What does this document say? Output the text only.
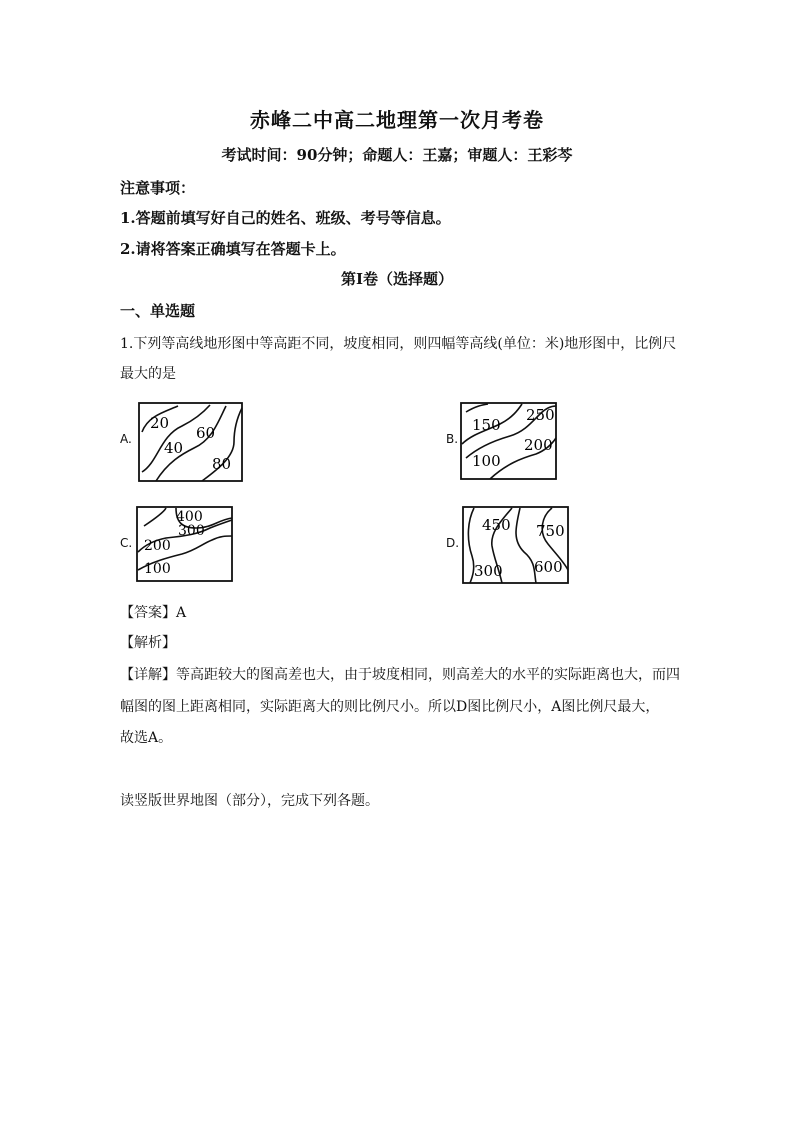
赤峰二中高二地理第一次月考卷
考试时间：90分钟；命题人：王嘉；审题人：王彩芩
注意事项：
1.答题前填写好自己的姓名、班级、考号等信息。
2.请将答案正确填写在答题卡上。
第I卷（选择题）
一、单选题
1.下列等高线地形图中等高距不同，坡度相同，则四幅等高线(单位：米)地形图中，比例尺
最大的是
A.
20
40
60
80
B.
250
150
200
100
C.
400
300
200
100
D.
450 750
300 600
【答案】A
【解析】
【详解】等高距较大的图高差也大，由于坡度相同，则高差大的水平的实际距离也大，而四
幅图的图上距离相同，实际距离大的则比例尺小。所以D图比例尺小，A图比例尺最大，
故选A。
读竖版世界地图（部分），完成下列各题。
